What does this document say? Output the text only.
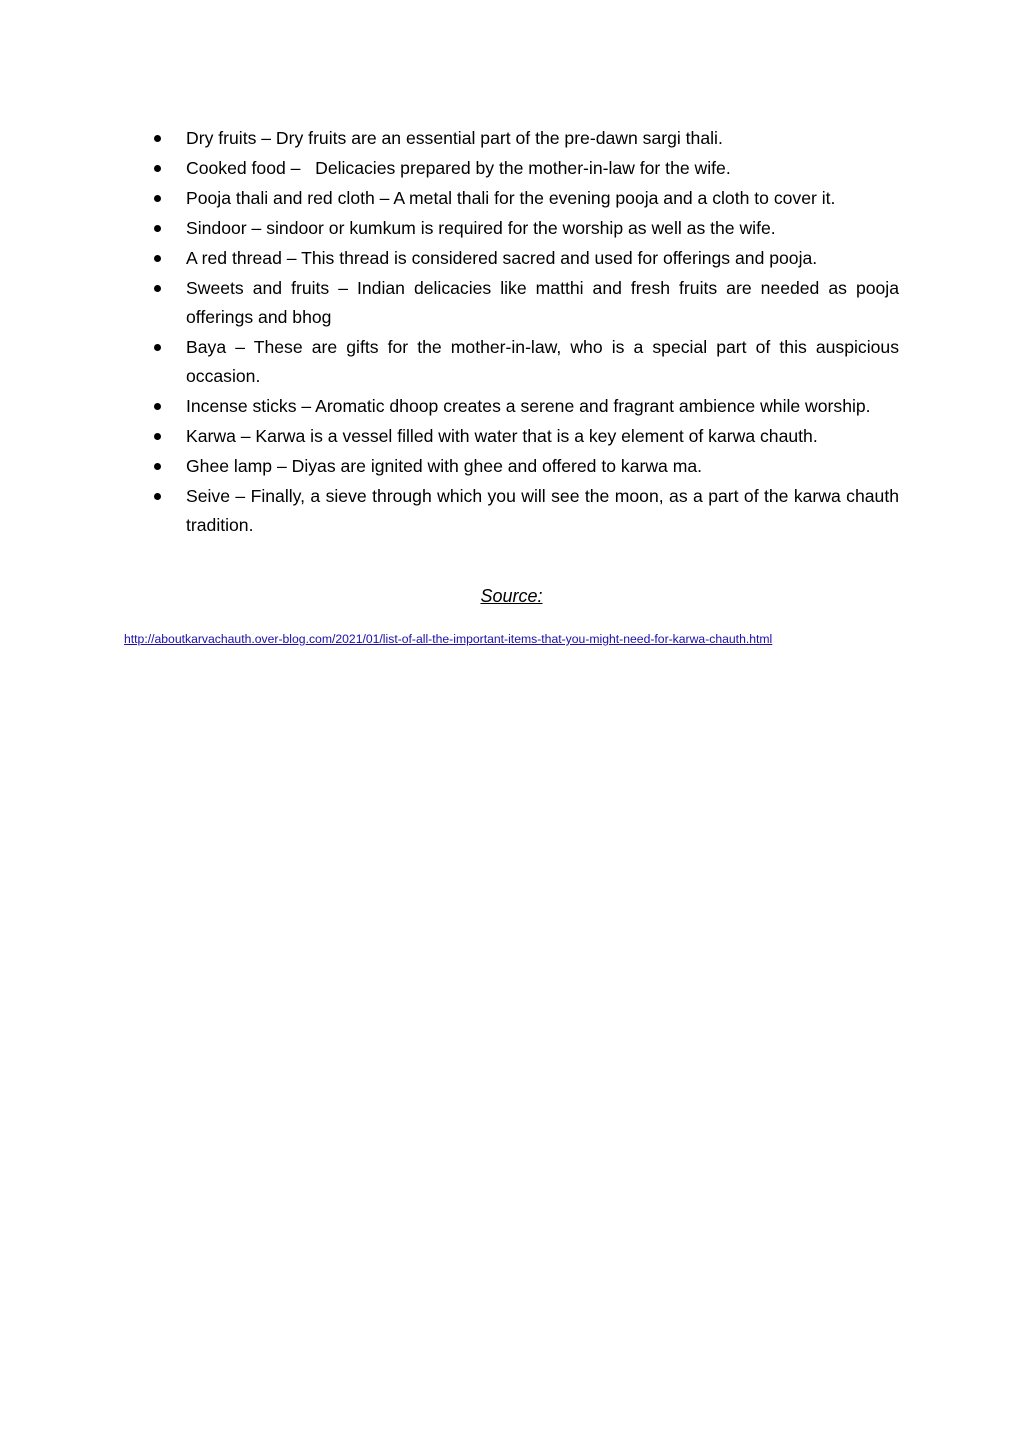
Dry fruits – Dry fruits are an essential part of the pre-dawn sargi thali.
Cooked food –   Delicacies prepared by the mother-in-law for the wife.
Pooja thali and red cloth – A metal thali for the evening pooja and a cloth to cover it.
Sindoor – sindoor or kumkum is required for the worship as well as the wife.
A red thread – This thread is considered sacred and used for offerings and pooja.
Sweets and fruits – Indian delicacies like matthi and fresh fruits are needed as pooja offerings and bhog
Baya – These are gifts for the mother-in-law, who is a special part of this auspicious occasion.
Incense sticks – Aromatic dhoop creates a serene and fragrant ambience while worship.
Karwa – Karwa is a vessel filled with water that is a key element of karwa chauth.
Ghee lamp – Diyas are ignited with ghee and offered to karwa ma.
Seive – Finally, a sieve through which you will see the moon, as a part of the karwa chauth tradition.
Source:
http://aboutkarvachauth.over-blog.com/2021/01/list-of-all-the-important-items-that-you-might-need-for-karwa-chauth.html
